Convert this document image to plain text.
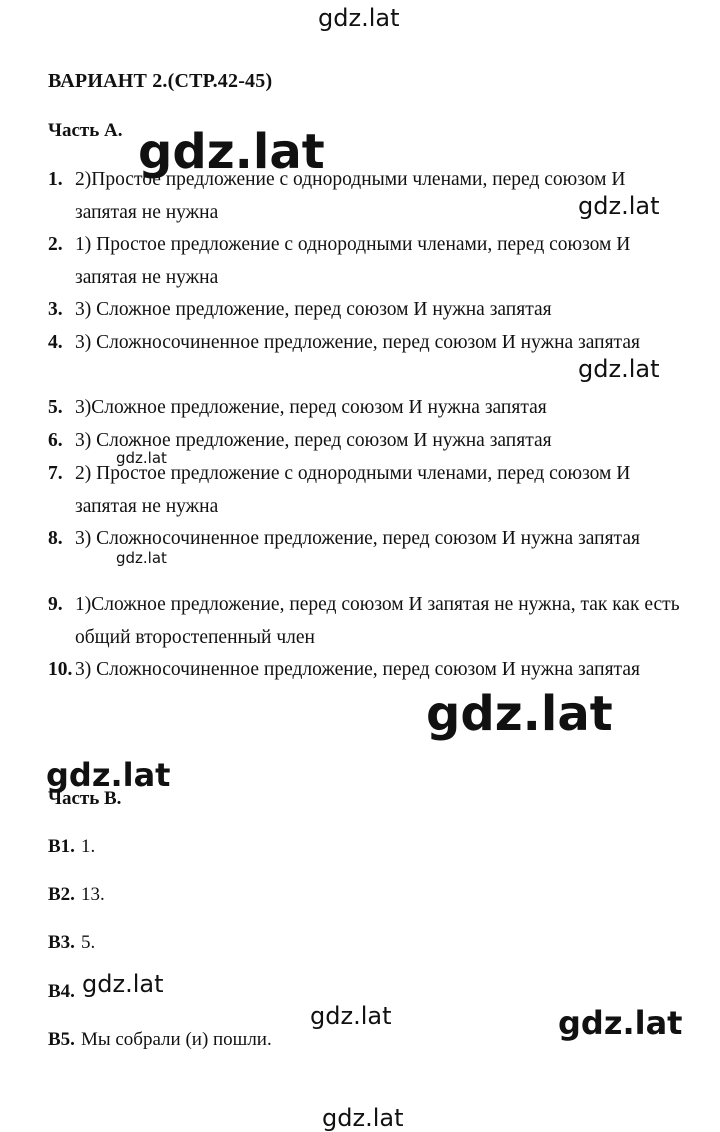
gdz.lat
gdz.lat
gdz.lat
gdz.lat
gdz.lat
gdz.lat
gdz.lat
gdz.lat
gdz.lat
gdz.lat	gdz.lat
gdz.lat
ВАРИАНТ 2.(СТР.42-45)
Часть А.
1. 2)Простое предложение с однородными членами, перед союзом И запятая не нужна
2. 1) Простое предложение с однородными членами, перед союзом И запятая не нужна
3. 3) Сложное предложение, перед союзом И нужна запятая
4. 3) Сложносочиненное предложение, перед союзом И нужна запятая
5. 3)Сложное предложение, перед союзом И нужна запятая
6. 3) Сложное предложение, перед союзом И нужна запятая
7. 2) Простое предложение с однородными членами, перед союзом И запятая не нужна
8. 3) Сложносочиненное предложение, перед союзом И нужна запятая
9. 1)Сложное предложение, перед союзом И запятая не нужна, так как есть общий второстепенный член
10. 3) Сложносочиненное предложение, перед союзом И нужна запятая
Часть В.
В1. 1.
В2. 13.
В3. 5.
В4.
В5. Мы собрали (и) пошли.
